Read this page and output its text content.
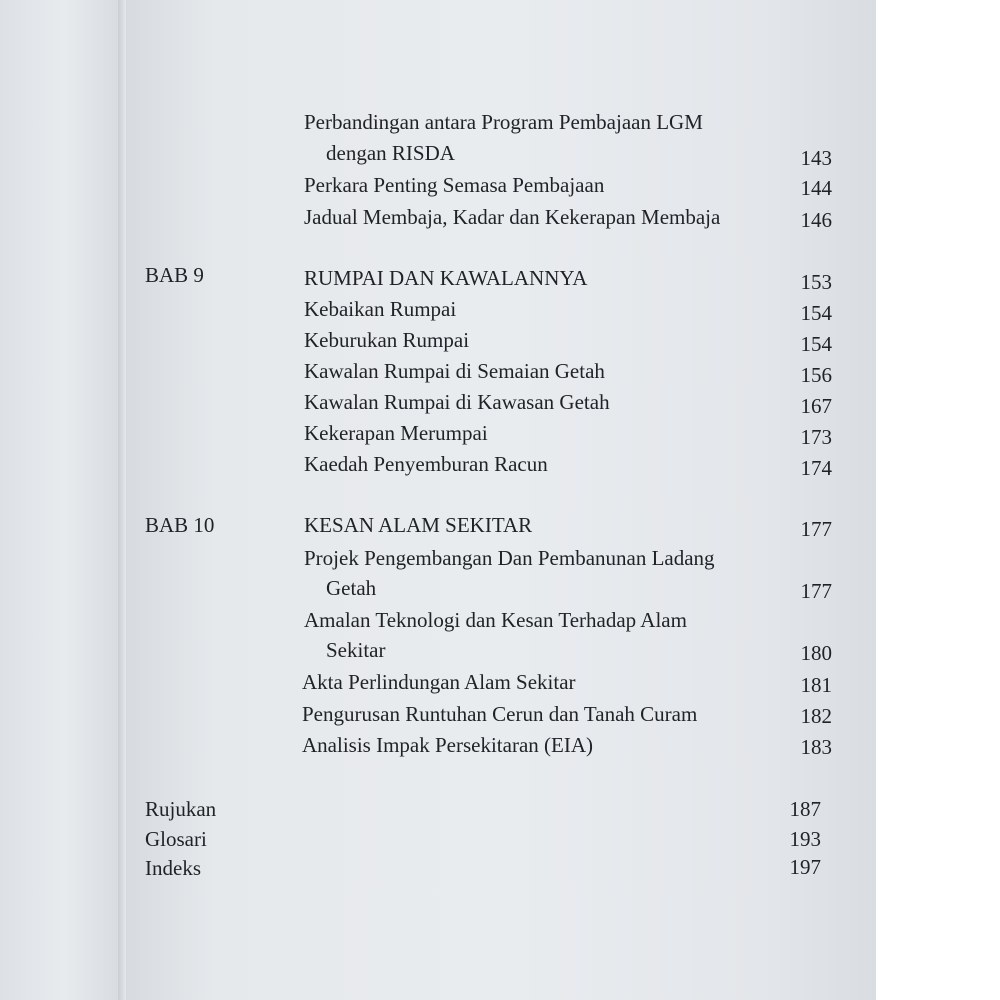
Perbandingan antara Program Pembajaan LGM
dengan RISDA	143
Perkara Penting Semasa Pembajaan	144
Jadual Membaja, Kadar dan Kekerapan Membaja	146
BAB 9	RUMPAI DAN KAWALANNYA	153
Kebaikan Rumpai	154
Keburukan Rumpai	154
Kawalan Rumpai di Semaian Getah	156
Kawalan Rumpai di Kawasan Getah	167
Kekerapan Merumpai	173
Kaedah Penyemburan Racun	174
BAB 10	KESAN ALAM SEKITAR	177
Projek Pengembangan Dan Pembanunan Ladang
Getah	177
Amalan Teknologi dan Kesan Terhadap Alam
Sekitar	180
Akta Perlindungan Alam Sekitar	181
Pengurusan Runtuhan Cerun dan Tanah Curam	182
Analisis Impak Persekitaran (EIA)	183
Rujukan	187
Glosari	193
Indeks	197
